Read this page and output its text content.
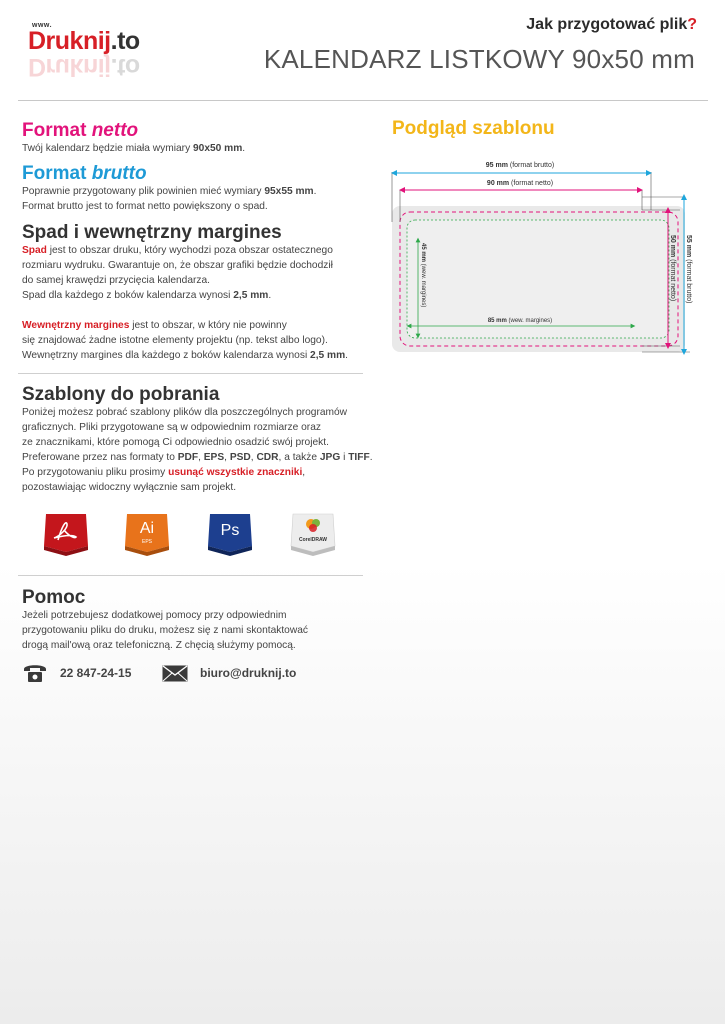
www.
Druknij.to
Druknij.to
Jak przygotować plik?
KALENDARZ LISTKOWY 90x50 mm
Format netto
Twój kalendarz będzie miała wymiary 90x50 mm.
Format brutto
Poprawnie przygotowany plik powinien mieć wymiary 95x55 mm.
Format brutto jest to format netto powiększony o spad.
Spad i wewnętrzny margines
Spad jest to obszar druku, który wychodzi poza obszar ostatecznego
rozmiaru wydruku. Gwarantuje on, że obszar grafiki będzie dochodził
do samej krawędzi przycięcia kalendarza.
Spad dla każdego z boków kalendarza wynosi 2,5 mm.
Wewnętrzny margines jest to obszar, w który nie powinny
się znajdować żadne istotne elementy projektu (np. tekst albo logo).
Wewnętrzny margines dla każdego z boków kalendarza wynosi 2,5 mm.
Szablony do pobrania
Poniżej możesz pobrać szablony plików dla poszczególnych programów
graficznych. Pliki przygotowane są w odpowiednim rozmiarze oraz
ze znacznikami, które pomogą Ci odpowiednio osadzić swój projekt.
Preferowane przez nas formaty to PDF, EPS, PSD, CDR, a także JPG i TIFF.
Po przygotowaniu pliku prosimy usunąć wszystkie znaczniki,
pozostawiając widoczny wyłącznie sam projekt.
Ai
EPS
Ps
CorelDRAW
Pomoc
Jeżeli potrzebujesz dodatkowej pomocy przy odpowiednim
przygotowaniu pliku do druku, możesz się z nami skontaktować
drogą mail'ową oraz telefoniczną. Z chęcią służymy pomocą.
22 847-24-15	biuro@druknij.to
Podgląd szablonu
95 mm (format brutto)
90 mm (format netto)
85 mm (wew. margines)
45 mm (wew. margines)
50 mm (format netto)
55 mm (format brutto)
